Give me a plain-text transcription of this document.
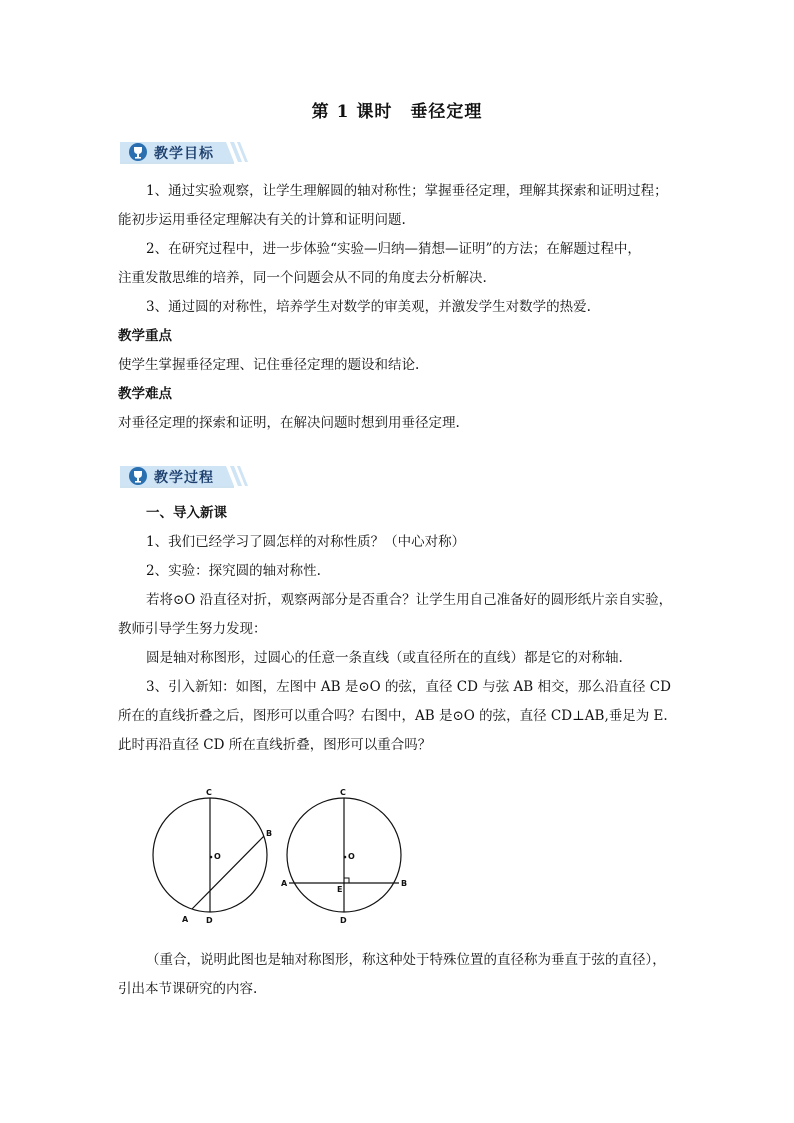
第 1 课时　垂径定理
教学目标
1、通过实验观察，让学生理解圆的轴对称性；掌握垂径定理，理解其探索和证明过程；
能初步运用垂径定理解决有关的计算和证明问题.
2、在研究过程中，进一步体验“实验—归纳—猜想—证明”的方法；在解题过程中，
注重发散思维的培养，同一个问题会从不同的角度去分析解决.
3、通过圆的对称性，培养学生对数学的审美观，并激发学生对数学的热爱.
教学重点
使学生掌握垂径定理、记住垂径定理的题设和结论.
教学难点
对垂径定理的探索和证明，在解决问题时想到用垂径定理.
教学过程
一、导入新课
1、我们已经学习了圆怎样的对称性质？（中心对称）
2、实验：探究圆的轴对称性.
若将⊙O 沿直径对折，观察两部分是否重合？让学生用自己准备好的圆形纸片亲自实验，
教师引导学生努力发现：
圆是轴对称图形，过圆心的任意一条直线（或直径所在的直线）都是它的对称轴.
3、引入新知：如图，左图中 AB 是⊙O 的弦，直径 CD 与弦 AB 相交，那么沿直径 CD
所在的直线折叠之后，图形可以重合吗？右图中，AB 是⊙O 的弦，直径 CD⊥AB,垂足为 E.
此时再沿直径 CD 所在直线折叠，图形可以重合吗？
C
O
B
A D
C
O
A
E
B
D
（重合，说明此图也是轴对称图形，称这种处于特殊位置的直径称为垂直于弦的直径），
引出本节课研究的内容.
